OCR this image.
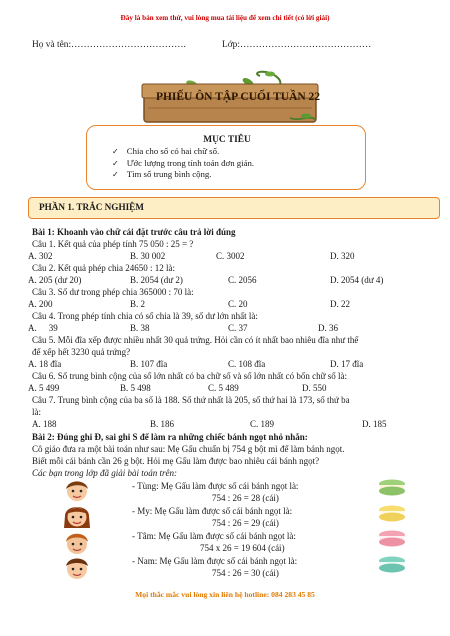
Đây là bản xem thử, vui lòng mua tài liệu để xem chi tiết (có lời giải)
Họ và tên:……………………………….	Lớp:……………………………………
PHIẾU ÔN TẬP CUỐI TUẦN 22
MỤC TIÊU
✓ Chia cho số có hai chữ số.
✓ Ước lượng trong tính toán đơn giản.
✓ Tìm số trung bình cộng.
PHẦN 1. TRẮC NGHIỆM
Bài 1: Khoanh vào chữ cái đặt trước câu trả lời đúng
Câu 1. Kết quả của phép tính 75 050 : 25 = ?
A. 302	B. 30 002	C. 3002	D. 320
Câu 2. Kết quả phép chia 24650 : 12 là:
A. 205 (dư 20)	B. 2054 (dư 2)	C. 2056	D. 2054 (dư 4)
Câu 3. Số dư trong phép chia 365000 : 70 là:
A. 200	B. 2	C. 20	D. 22
Câu 4. Trong phép tính chia có số chia là 39, số dư lớn nhất là:
A. 39	B. 38	C. 37	D. 36
Câu 5. Mỗi đĩa xếp được nhiều nhất 30 quả trứng. Hỏi cần có ít nhất bao nhiêu đĩa như thế
để xếp hết 3230 quả trứng?
A. 18 đĩa	B. 107 đĩa	C. 108 đĩa	D. 17 đĩa
Câu 6. Số trung bình cộng của số lớn nhất có ba chữ số và số lớn nhất có bốn chữ số là:
A. 5 499	B. 5 498	C. 5 489	D. 550
Câu 7. Trung bình cộng của ba số là 188. Số thứ nhất là 205, số thứ hai là 173, số thứ ba
là:
A. 188	B. 186	C. 189	D. 185
Bài 2: Đúng ghi Đ, sai ghi S để làm ra những chiếc bánh ngọt nhỏ nhắn:
Cô giáo đưa ra một bài toán như sau: Mẹ Gấu chuẩn bị 754 g bột mì để làm bánh ngọt.
Biết mỗi cái bánh cần 26 g bột. Hỏi mẹ Gấu làm được bao nhiêu cái bánh ngọt?
Các bạn trong lớp đã giải bài toán trên:
- Tùng: Mẹ Gấu làm được số cái bánh ngọt là:
754 : 26 = 28 (cái)
- My: Mẹ Gấu làm được số cái bánh ngọt là:
754 : 26 = 29 (cái)
- Tâm: Mẹ Gấu làm được số cái bánh ngọt là:
754 x 26 = 19 604 (cái)
- Nam: Mẹ Gấu làm được số cái bánh ngọt là:
754 : 26 = 30 (cái)
Mọi thắc mắc vui lòng xin liên hệ hotline: 084 283 45 85
